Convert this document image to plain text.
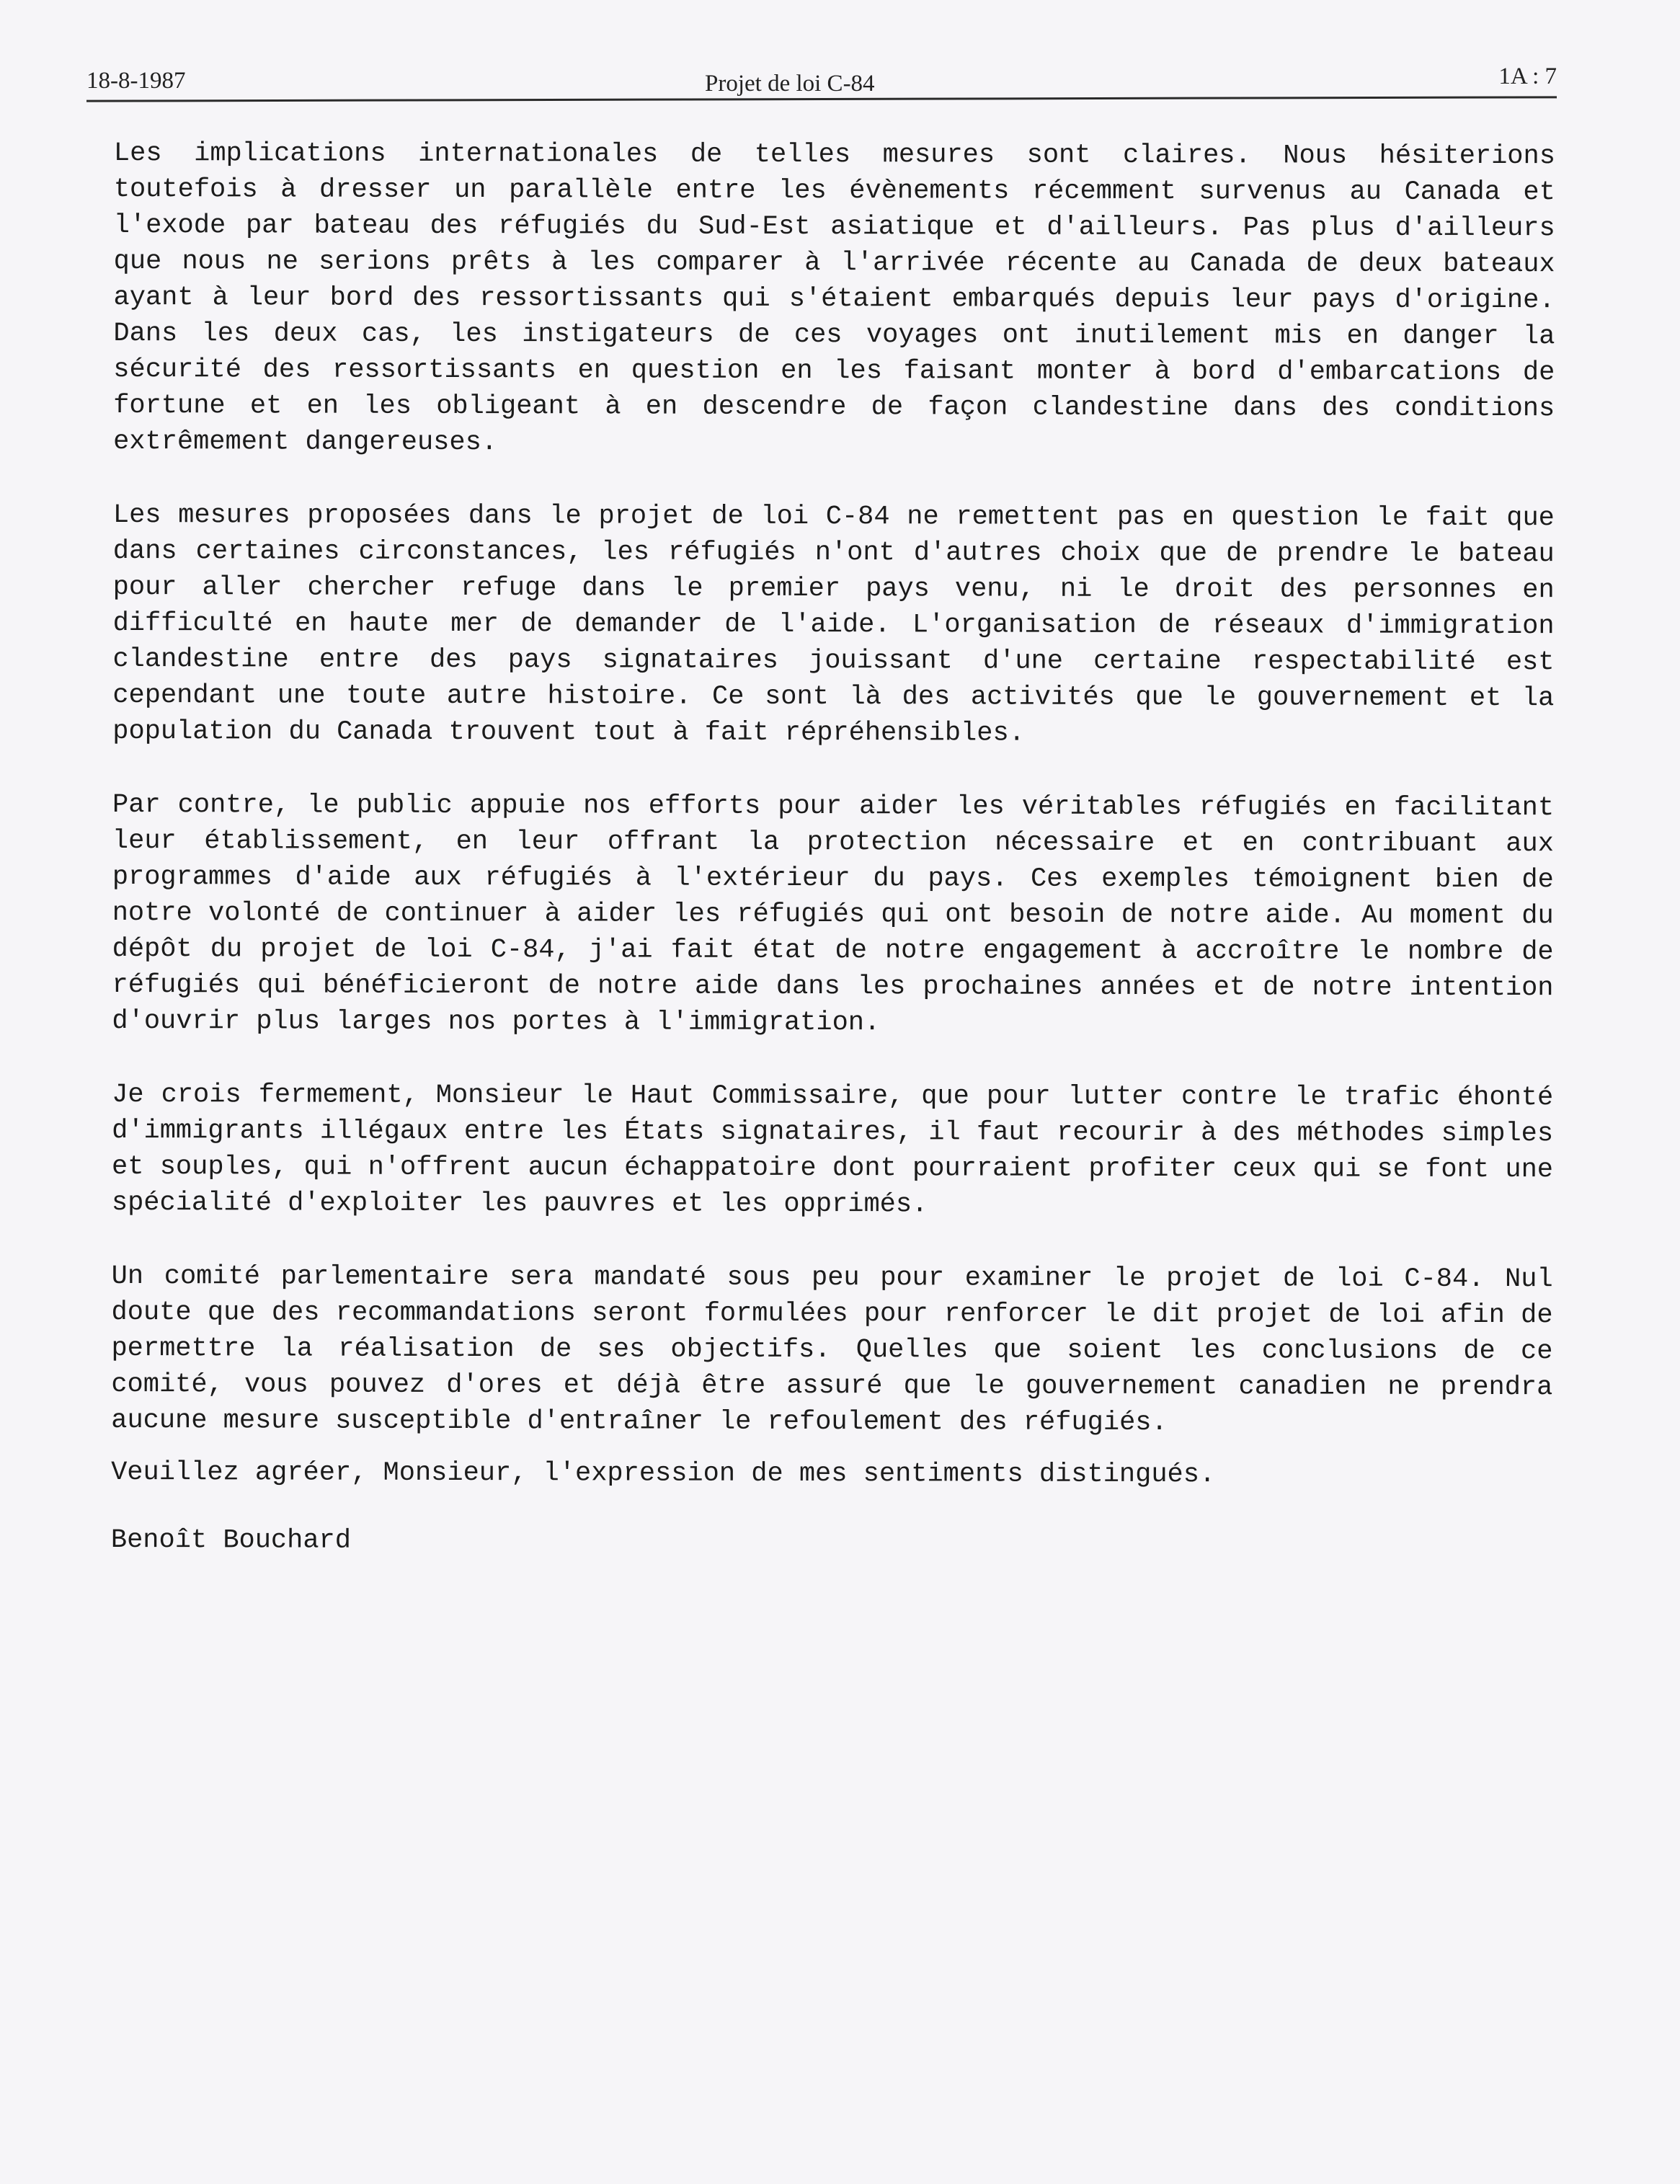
18-8-1987	Projet de loi C-84	1A : 7

Les implications internationales de telles mesures sont claires. Nous hésiterions toutefois à dresser un parallèle entre les évènements récemment survenus au Canada et l'exode par bateau des réfugiés du Sud-Est asiatique et d'ailleurs. Pas plus d'ailleurs que nous ne serions prêts à les comparer à l'arrivée récente au Canada de deux bateaux ayant à leur bord des ressortissants qui s'étaient embarqués depuis leur pays d'origine. Dans les deux cas, les instigateurs de ces voyages ont inutilement mis en danger la sécurité des ressortissants en question en les faisant monter à bord d'embarcations de fortune et en les obligeant à en descendre de façon clandestine dans des conditions extrêmement dangereuses.

Les mesures proposées dans le projet de loi C-84 ne remettent pas en question le fait que dans certaines circonstances, les réfugiés n'ont d'autres choix que de prendre le bateau pour aller chercher refuge dans le premier pays venu, ni le droit des personnes en difficulté en haute mer de demander de l'aide. L'organisation de réseaux d'immigration clandestine entre des pays signataires jouissant d'une certaine respectabilité est cependant une toute autre histoire. Ce sont là des activités que le gouvernement et la population du Canada trouvent tout à fait répréhensibles.

Par contre, le public appuie nos efforts pour aider les véritables réfugiés en facilitant leur établissement, en leur offrant la protection nécessaire et en contribuant aux programmes d'aide aux réfugiés à l'extérieur du pays. Ces exemples témoignent bien de notre volonté de continuer à aider les réfugiés qui ont besoin de notre aide. Au moment du dépôt du projet de loi C-84, j'ai fait état de notre engagement à accroître le nombre de réfugiés qui bénéficieront de notre aide dans les prochaines années et de notre intention d'ouvrir plus larges nos portes à l'immigration.

Je crois fermement, Monsieur le Haut Commissaire, que pour lutter contre le trafic éhonté d'immigrants illégaux entre les États signataires, il faut recourir à des méthodes simples et souples, qui n'offrent aucun échappatoire dont pourraient profiter ceux qui se font une spécialité d'exploiter les pauvres et les opprimés.

Un comité parlementaire sera mandaté sous peu pour examiner le projet de loi C-84. Nul doute que des recommandations seront formulées pour renforcer le dit projet de loi afin de permettre la réalisation de ses objectifs. Quelles que soient les conclusions de ce comité, vous pouvez d'ores et déjà être assuré que le gouvernement canadien ne prendra aucune mesure susceptible d'entraîner le refoulement des réfugiés.

Veuillez agréer, Monsieur, l'expression de mes sentiments distingués.

Benoît Bouchard
